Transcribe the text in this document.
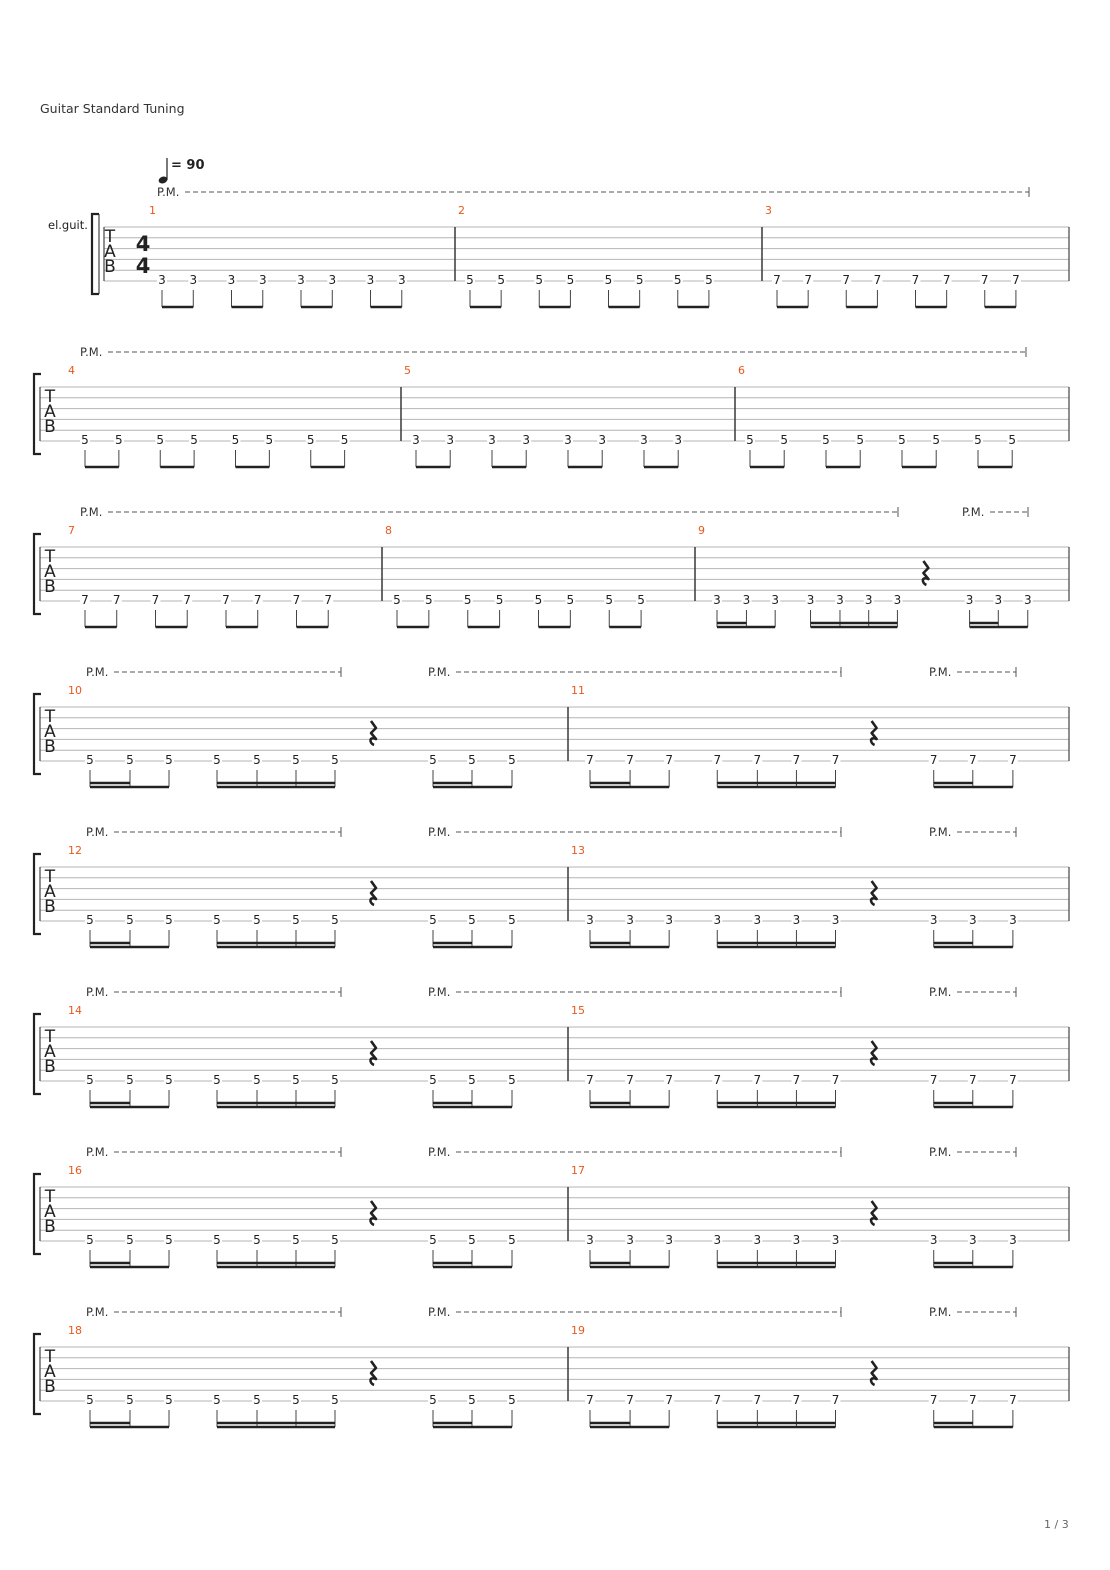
Guitar Standard Tuning
= 90
el.guit.
T
A
B
4
4
P.M.
1
3 3	3 3	3 3	3 3
2
5 5	5 5	5 5	5 5
3
7 7	7 7	7 7	7 7
T
A
B
P.M.
4
5 5	5 5	5 5	5 5
5
3 3	3 3	3 3	3 3
6
5 5	5 5	5 5	5 5
T
A
B
P.M.	P.M.
7
7 7	7 7	7 7	7 7
8
5 5	5 5	5 5	5 5
9
3 3 3 3 3 3 3	3 3 3
T
A
B
P.M.	P.M.	P.M.
10
5	5	5	5	5	5	5	5	5	5
11
7	7	7	7	7	7	7	7	7	7
T
A
B
P.M.	P.M.	P.M.
12
5	5	5	5	5	5	5	5	5	5
13
3	3	3	3	3	3	3	3	3	3
T
A
B
P.M.	P.M.	P.M.
14
5	5	5	5	5	5	5	5	5	5
15
7	7	7	7	7	7	7	7	7	7
T
A
B
P.M.	P.M.	P.M.
16
5	5	5	5	5	5	5	5	5	5
17
3	3	3	3	3	3	3	3	3	3
T
A
B
P.M.	P.M.	P.M.
18
5	5	5	5	5	5	5	5	5	5
19
7	7	7	7	7	7	7	7	7	7
1 / 3
